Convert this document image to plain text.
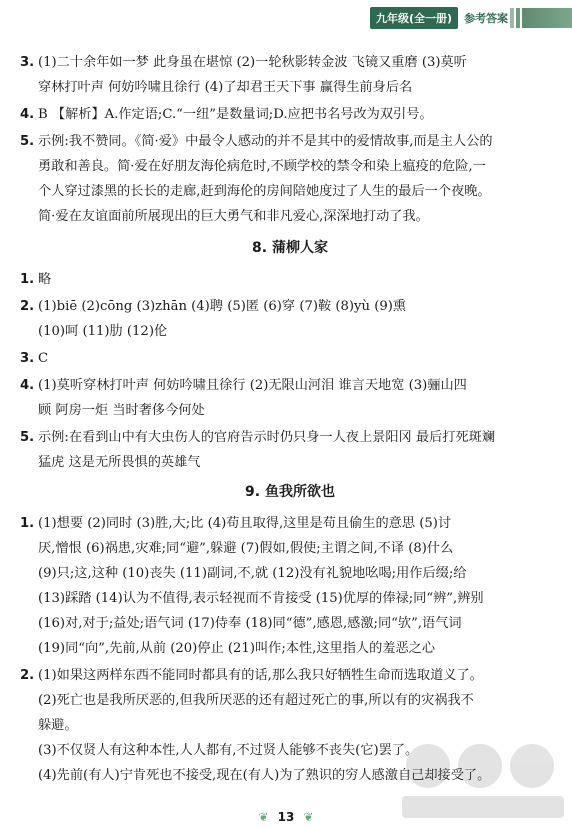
九年级(全一册)	参考答案
3. (1)二十余年如一梦 此身虽在堪惊 (2)一轮秋影转金波 飞镜又重磨 (3)莫听

穿林打叶声 何妨吟啸且徐行 (4)了却君王天下事 赢得生前身后名

4. B 【解析】A.作定语;C.“一纽”是数量词;D.应把书名号改为双引号。

5. 示例:我不赞同。《简·爱》中最令人感动的并不是其中的爱情故事,而是主人公的

勇敢和善良。简·爱在好朋友海伦病危时,不顾学校的禁令和染上瘟疫的危险,一

个人穿过漆黑的长长的走廊,赶到海伦的房间陪她度过了人生的最后一个夜晚。

简·爱在友谊面前所展现出的巨大勇气和非凡爱心,深深地打动了我。

8. 蒲柳人家
1. 略

2. (1)biē (2)cōng (3)zhān (4)聘 (5)匿 (6)穿 (7)鞍 (8)yù (9)熏

(10)呵 (11)肋 (12)伦

3. C

4. (1)莫听穿林打叶声 何妨吟啸且徐行 (2)无限山河泪 谁言天地宽 (3)骊山四

顾 阿房一炬 当时奢侈今何处

5. 示例:在看到山中有大虫伤人的官府告示时仍只身一人夜上景阳冈 最后打死斑斓

猛虎 这是无所畏惧的英雄气

9. 鱼我所欲也
1. (1)想要 (2)同时 (3)胜,大;比 (4)苟且取得,这里是苟且偷生的意思 (5)讨

厌,憎恨 (6)祸患,灾难;同“避”,躲避 (7)假如,假使;主谓之间,不译 (8)什么

(9)只;这,这种 (10)丧失 (11)副词,不,就 (12)没有礼貌地吆喝;用作后缀;给

(13)踩踏 (14)认为不值得,表示轻视而不肯接受 (15)优厚的俸禄;同“辨”,辨别

(16)对,对于;益处;语气词 (17)侍奉 (18)同“德”,感恩,感激;同“欤”,语气词

(19)同“向”,先前,从前 (20)停止 (21)叫作;本性,这里指人的羞恶之心

2. (1)如果这两样东西不能同时都具有的话,那么我只好牺牲生命而选取道义了。

(2)死亡也是我所厌恶的,但我所厌恶的还有超过死亡的事,所以有的灾祸我不

躲避。

(3)不仅贤人有这种本性,人人都有,不过贤人能够不丧失(它)罢了。

(4)先前(有人)宁肯死也不接受,现在(有人)为了熟识的穷人感激自己却接受了。

❦ 13 ❦
